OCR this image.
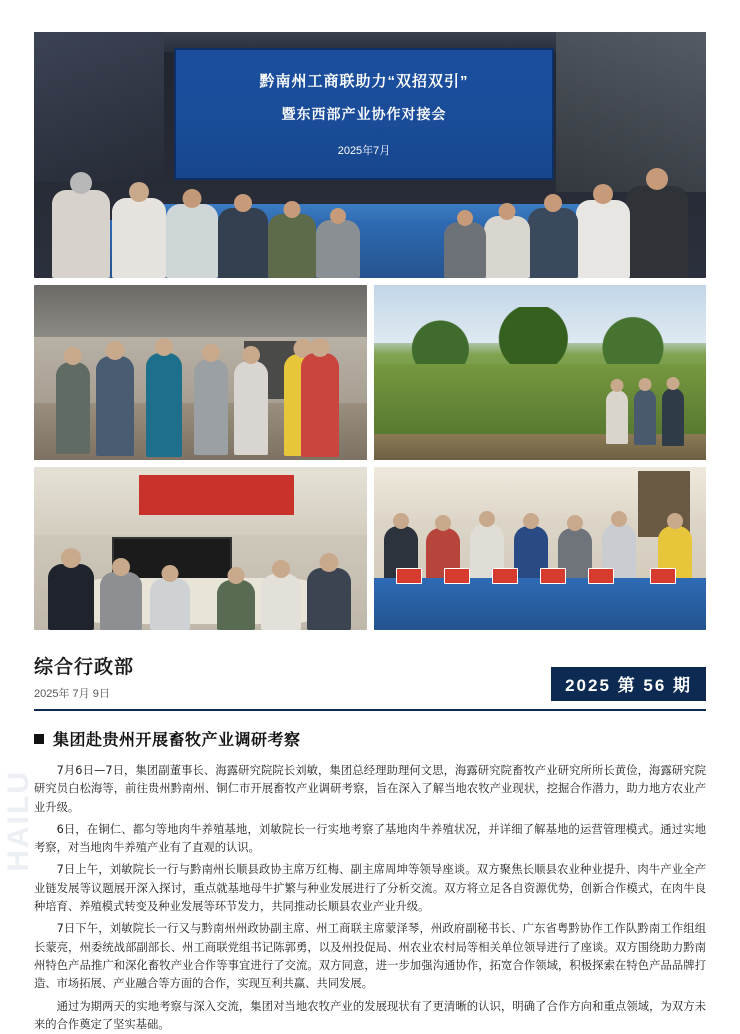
HAILU
黔南州工商联助力“双招双引”
暨东西部产业协作对接会
2025年7月
综合行政部
2025年 7月 9日	2025 第 56 期
集团赴贵州开展畜牧产业调研考察

7月6日—7日，集团副董事长、海露研究院院长刘敏，集团总经理助理何文思，海露研究院畜牧产业研究所所长黄俭，海露研究院研究员白松海等，前往贵州黔南州、铜仁市开展畜牧产业调研考察，旨在深入了解当地农牧产业现状，挖掘合作潜力，助力地方农业产业升级。

6日，在铜仁、都匀等地肉牛养殖基地，刘敏院长一行实地考察了基地肉牛养殖状况，并详细了解基地的运营管理模式。通过实地考察，对当地肉牛养殖产业有了直观的认识。

7日上午，刘敏院长一行与黔南州长顺县政协主席万红梅、副主席周坤等领导座谈。双方聚焦长顺县农业种业提升、肉牛产业全产业链发展等议题展开深入探讨，重点就基地母牛扩繁与种业发展进行了分析交流。双方将立足各自资源优势，创新合作模式，在肉牛良种培育、养殖模式转变及种业发展等环节发力，共同推动长顺县农业产业升级。

7日下午，刘敏院长一行又与黔南州州政协副主席、州工商联主席蒙泽琴，州政府副秘书长、广东省粤黔协作工作队黔南工作组组长蒙亮，州委统战部副部长、州工商联党组书记陈郭勇，以及州投促局、州农业农村局等相关单位领导进行了座谈。双方围绕助力黔南州特色产品推广和深化畜牧产业合作等事宜进行了交流。双方同意，进一步加强沟通协作，拓宽合作领域，积极探索在特色产品品牌打造、市场拓展、产业融合等方面的合作，实现互利共赢、共同发展。

通过为期两天的实地考察与深入交流，集团对当地农牧产业的发展现状有了更清晰的认识，明确了合作方向和重点领域，为双方未来的合作奠定了坚实基础。
